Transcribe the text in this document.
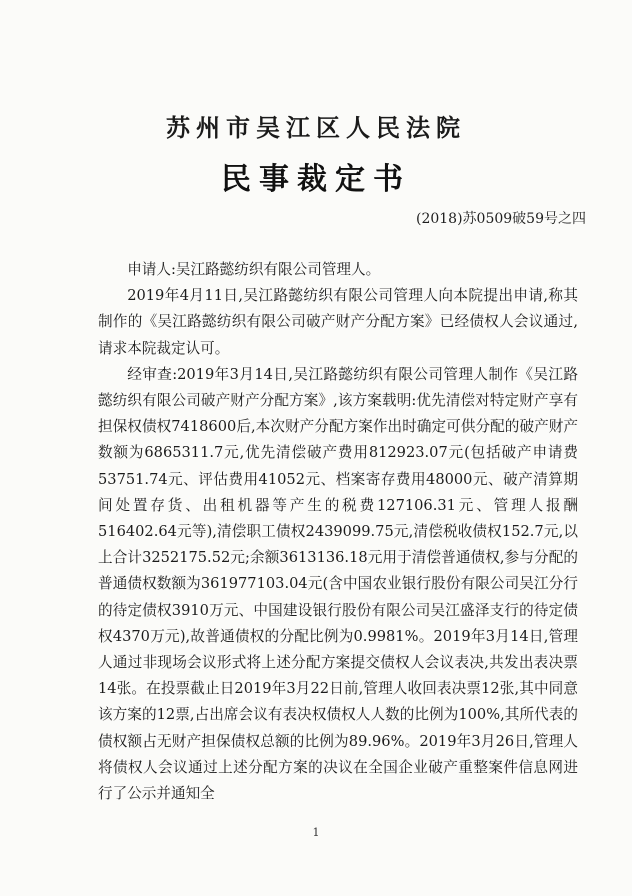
苏州市吴江区人民法院
民事裁定书
(2018)苏0509破59号之四

申请人:吴江路懿纺织有限公司管理人。

2019年4月11日,吴江路懿纺织有限公司管理人向本院提出申请,称其制作的《吴江路懿纺织有限公司破产财产分配方案》已经债权人会议通过,请求本院裁定认可。

经审查:2019年3月14日,吴江路懿纺织有限公司管理人制作《吴江路懿纺织有限公司破产财产分配方案》,该方案载明:优先清偿对特定财产享有担保权债权7418600后,本次财产分配方案作出时确定可供分配的破产财产数额为6865311.7元,优先清偿破产费用812923.07元(包括破产申请费53751.74元、评估费用41052元、档案寄存费用48000元、破产清算期间处置存货、出租机器等产生的税费127106.31元、管理人报酬516402.64元等),清偿职工债权2439099.75元,清偿税收债权152.7元,以上合计3252175.52元;余额3613136.18元用于清偿普通债权,参与分配的普通债权数额为361977103.04元(含中国农业银行股份有限公司吴江分行的待定债权3910万元、中国建设银行股份有限公司吴江盛泽支行的待定债权4370万元),故普通债权的分配比例为0.9981%。2019年3月14日,管理人通过非现场会议形式将上述分配方案提交债权人会议表决,共发出表决票14张。在投票截止日2019年3月22日前,管理人收回表决票12张,其中同意该方案的12票,占出席会议有表决权债权人人数的比例为100%,其所代表的债权额占无财产担保债权总额的比例为89.96%。2019年3月26日,管理人将债权人会议通过上述分配方案的决议在全国企业破产重整案件信息网进行了公示并通知全

1
